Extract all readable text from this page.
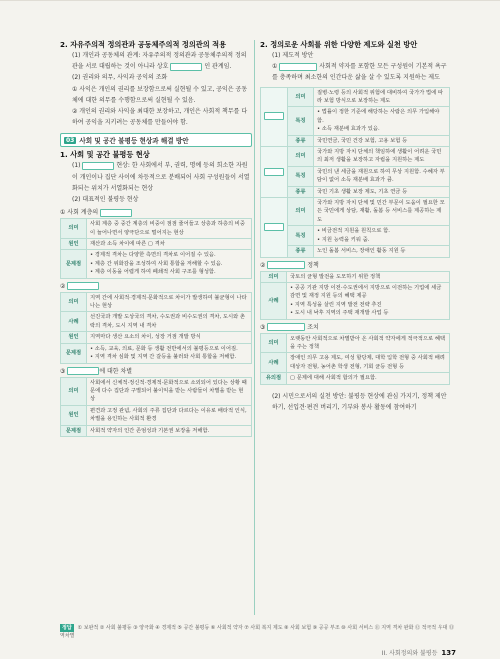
2. 자유주의적 정의관과 공동체주의적 정의관의 적용

(1) 개인과 공동체의 관계: 자유주의적 정의관과 공동체주의적 정의관을 서로 대립하는 것이 아니라 상호	인 관계임.

(2) 권리와 의무, 사익과 공익의 조화

① 사익은 개인의 권리를 보장함으로써 실현될 수 있고, 공익은 공동체에 대한 의무를 수행함으로써 실현될 수 있음.

② 개인의 권리와 사익을 최대한 보장하고, 개인은 사회적 책무를 다하여 공익을 지키려는 공동체를 만들어야 함.

03 사회 및 공간 불평등 현상과 해결 방안
1. 사회 및 공간 불평등 현상

(1)	현상: 한 사회에서 부, 권력, 명예 등의 희소한 자원이 개인이나 집단 사이에 차등적으로 분배되어 사회 구성원들이 서열화되는 위치가 서열화되는 현상

(2) 대표적인 불평등 현상

① 사회 계층의

의미	사회 계층 중 중간 계층의 비중이 점점 줄어들고 상층과 하층의 비중이 늘어나면서 양극단으로 멀어지는 현상
원인	재산과 소득 차이에 따른 ▢ 격차
문제점	• 경제적 격차는 다양한 측면의 격차로 이어질 수 있음.
• 계층 간 위화감을 조성하여 사회 통합을 저해할 수 있음.
• 계층 이동을 어렵게 하여 폐쇄적 사회 구조를 형성함.

②

의미	지역 간에 사회적·경제적·문화적으로 차이가 발생하여 불균형이 나타나는 현상
사례	선진국과 개발 도상국의 격차, 수도권과 비수도권의 격차, 도시와 촌락의 격차, 도시 지역 내 격차
원인	지역마다 생산 요소의 차이, 성장 거점 개발 방식
문제점	• 소득, 교육, 의료, 문화 등 생활 전반에서의 불평등으로 이어짐.
• 지역 격차 심화 및 지역 간 갈등을 불러와 사회 통합을 저해함.

③	에 대한 차별

의미	사회에서 신체적·정신적·경제적·문화적으로 소외되어 있다는 상황 때문에 다수 집단과 구별되어 불이익을 받는 사람들이 차별을 받는 현상
원인	편견과 고정 관념, 사회의 주류 집단과 다르다는 이유로 배타적 인식, 차별을 용인하는 사회적 환경
문제점	사회적 약자의 인간 존엄성과 기본권 보장을 저해함.
2. 정의로운 사회를 위한 다양한 제도와 실천 방안

(1) 제도적 방안

①	사회적 약자를 포함한 모든 구성원이 기본적 욕구를 충족하며 최소한의 인간다운 삶을 살 수 있도록 지원하는 제도

	의미	질병·노령 등의 사회적 위험에 대비하여 국가가 법에 따라 보험 방식으로 보장하는 제도
	특징	• 법률이 정한 기준에 해당하는 사람은 의무 가입해야 함.
• 소득 재분배 효과가 있음.
	종류	국민연금, 국민 건강 보험, 고용 보험 등
	의미	국가와 지방 자치 단체의 책임하에 생활이 어려운 국민의 최저 생활을 보장하고 자립을 지원하는 제도
	특징	국민의 낸 세금을 재원으로 하여 무상 지원함. 수혜자 부담이 없어 소득 재분배 효과가 큼.
	종류	국민 기초 생활 보장 제도, 기초 연금 등
	의미	국가와 지방 자치 단체 및 민간 부문이 도움이 필요한 모든 국민에게 상담, 재활, 돌봄 등 서비스를 제공하는 제도
	특징	• 비금전적 지원을 원칙으로 함.
• 지원 능력을 키워 줌.
	종류	노인 돌봄 서비스, 장애인 활동 지원 등

②	정책

의미	국토의 균형 발전을 도모하기 위한 정책
사례	• 공공 기관 지방 이전·수도권에서 지방으로 이전하는 기업에 세금 감면 및 재정 지원 등의 혜택 제공
• 지역 특성을 살린 지역 발전 전략 추진
• 도시 내 낙후 지역의 주택 재개발 사업 등

③	조치

의미	오랫동안 사회적으로 차별받아 온 사회적 약자에게 적극적으로 혜택을 주는 정책
사례	장애인 의무 고용 제도, 여성 할당제, 대학 입학 전형 중 사회적 배려 대상자 전형, 농어촌 학생 전형, 기회 균등 전형 등
유의점	▢ 문제에 대해 사회적 합의가 필요함.

(2) 시민으로서의 실천 방안: 불평등 현상에 관심 가지기, 정책 제안하기, 선입견·편견 버리기, 기부와 봉사 활동에 참여하기

정답 ① 보완적 ② 사회 불평등 ③ 양극화 ④ 경제적 ⑤ 공간 불평등 ⑥ 사회적 약자 ⑦ 사회 복지 제도 ⑧ 사회 보험 ⑨ 공공 부조 ⑩ 사회 서비스 ⑪ 지역 격차 완화 ⑫ 적극적 우대 ⑬ 역차별
II. 사회정의와 불평등 137
